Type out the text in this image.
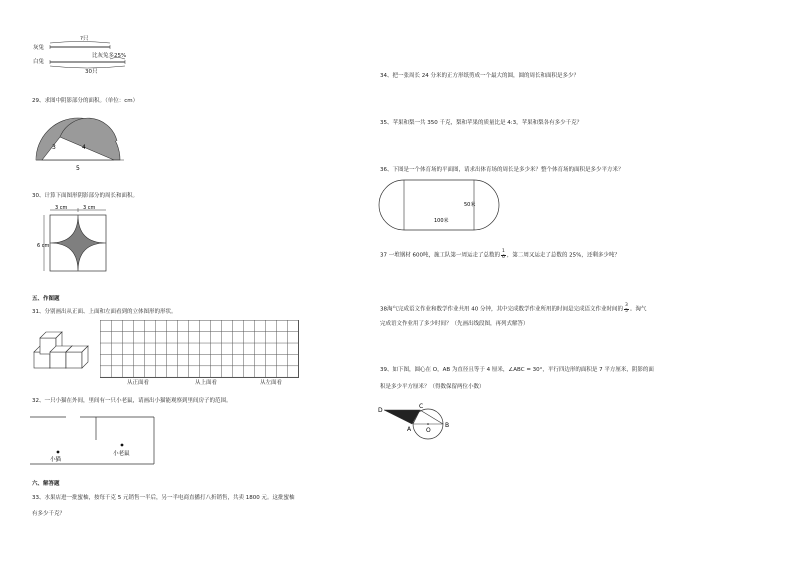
灰兔
白兔
?只
比灰兔多25%
30只
29、求图中阴影部分的面积。（单位：cm）
3	4
5
30、计算下面图形阴影部分的周长和面积。
3 cm	3 cm
6 cm
五、作图题
31、分别画出从正面、上面和左面看到的立体图形的形状。
从正面看	从上面看	从左面看
32、一只小猫在外间，里间有一只小老鼠，请画出小猫能观察到里间房子的范围。
小猫
小老鼠
六、解答题
33、水果店进一批蜜柚，按每千克 5 元销售一半后，另一半电商直播打八折销售，共卖 1800 元。这批蜜柚
有多少千克？
34、把一张周长 24 分米的正方形纸剪成一个最大的圆，圆的周长和面积是多少？
35、苹果和梨一共 350 千克，梨和苹果的质量比是 4:3，苹果和梨各有多少千克？
36、下图是一个体育场的平面图，请求出体育场的周长是多少米？整个体育场的面积是多少平方米？
50米
100米
37 一堆钢材 600吨，施工队第一周运走了总数的 $\frac{1}{6}$ ，第二周又运走了总数的 25%，还剩多少吨？
38淘气完成语文作业和数学作业共用 40 分钟，其中完成数学作业所用的时间是完成语文作业时间的 $\frac{3}{5}$ 。淘气
完成语文作业用了多少时间？（先画出线段图，再列式解答）
39、如下图，圆心在 O，AB 为直径且等于 4 厘米，∠ABC = 30°，平行四边形的面积是 7 平方厘米，阴影的面
积是多少平方厘米？（得数保留两位小数）
D
C
A O
B
